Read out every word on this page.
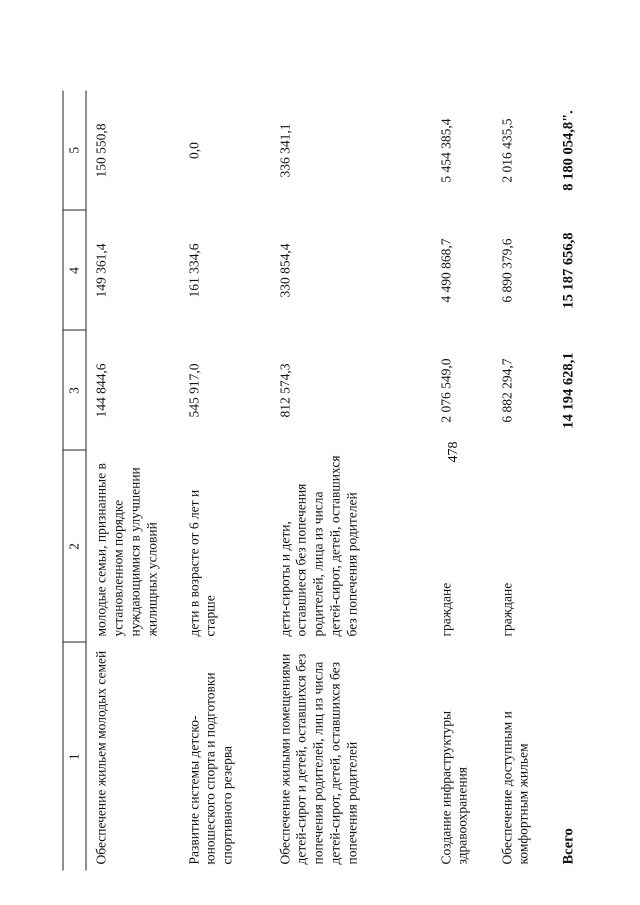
478
1	2	3	4	5
Обеспечение жильем молодых семей	молодые семьи, признанные в установленном порядке нуждающимися в улучшении жилищных условий	144 844,6	149 361,4	150 550,8
Развитие системы детско-юношеского спорта и подготовки спортивного резерва	дети в возрасте от 6 лет и старше	545 917,0	161 334,6	0,0
Обеспечение жилыми помещениями детей-сирот и детей, оставшихся без попечения родителей, лиц из числа детей-сирот, детей, оставшихся без попечения родителей	дети-сироты и дети, оставшиеся без попечения родителей, лица из числа детей-сирот, детей, оставшихся без попечения родителей	812 574,3	330 854,4	336 341,1
Создание инфраструктуры здравоохранения	граждане	2 076 549,0	4 490 868,7	5 454 385,4
Обеспечение доступным и комфортным жильем	граждане	6 882 294,7	6 890 379,6	2 016 435,5
Всего		14 194 628,1	15 187 656,8	8 180 054,8".
